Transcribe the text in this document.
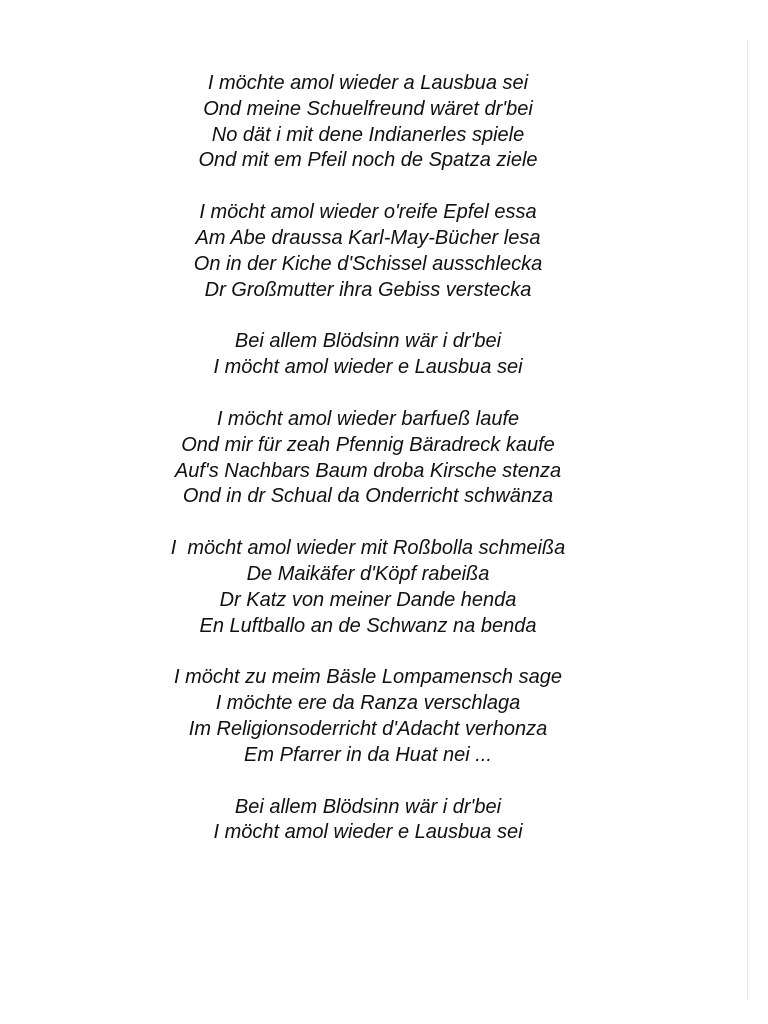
I möchte amol wieder a Lausbua sei
Ond meine Schuelfreund wäret dr'bei
No dät i mit dene Indianerles spiele
Ond mit em Pfeil noch de Spatza ziele
I möcht amol wieder o'reife Epfel essa
Am Abe draussa Karl-May-Bücher lesa
On in der Kiche d'Schissel ausschlecka
Dr Großmutter ihra Gebiss verstecka
Bei allem Blödsinn wär i dr'bei
I möcht amol wieder e Lausbua sei
I möcht amol wieder barfueß laufe
Ond mir für zeah Pfennig Bäradreck kaufe
Auf's Nachbars Baum droba Kirsche stenza
Ond in dr Schual da Onderricht schwänza
I  möcht amol wieder mit Roßbolla schmeißa
De Maikäfer d'Köpf rabeißa
Dr Katz von meiner Dande henda
En Luftballo an de Schwanz na benda
I möcht zu meim Bäsle Lompamensch sage
I möchte ere da Ranza verschlaga
Im Religionsoderricht d'Adacht verhonza
Em Pfarrer in da Huat nei ...
Bei allem Blödsinn wär i dr'bei
I möcht amol wieder e Lausbua sei
